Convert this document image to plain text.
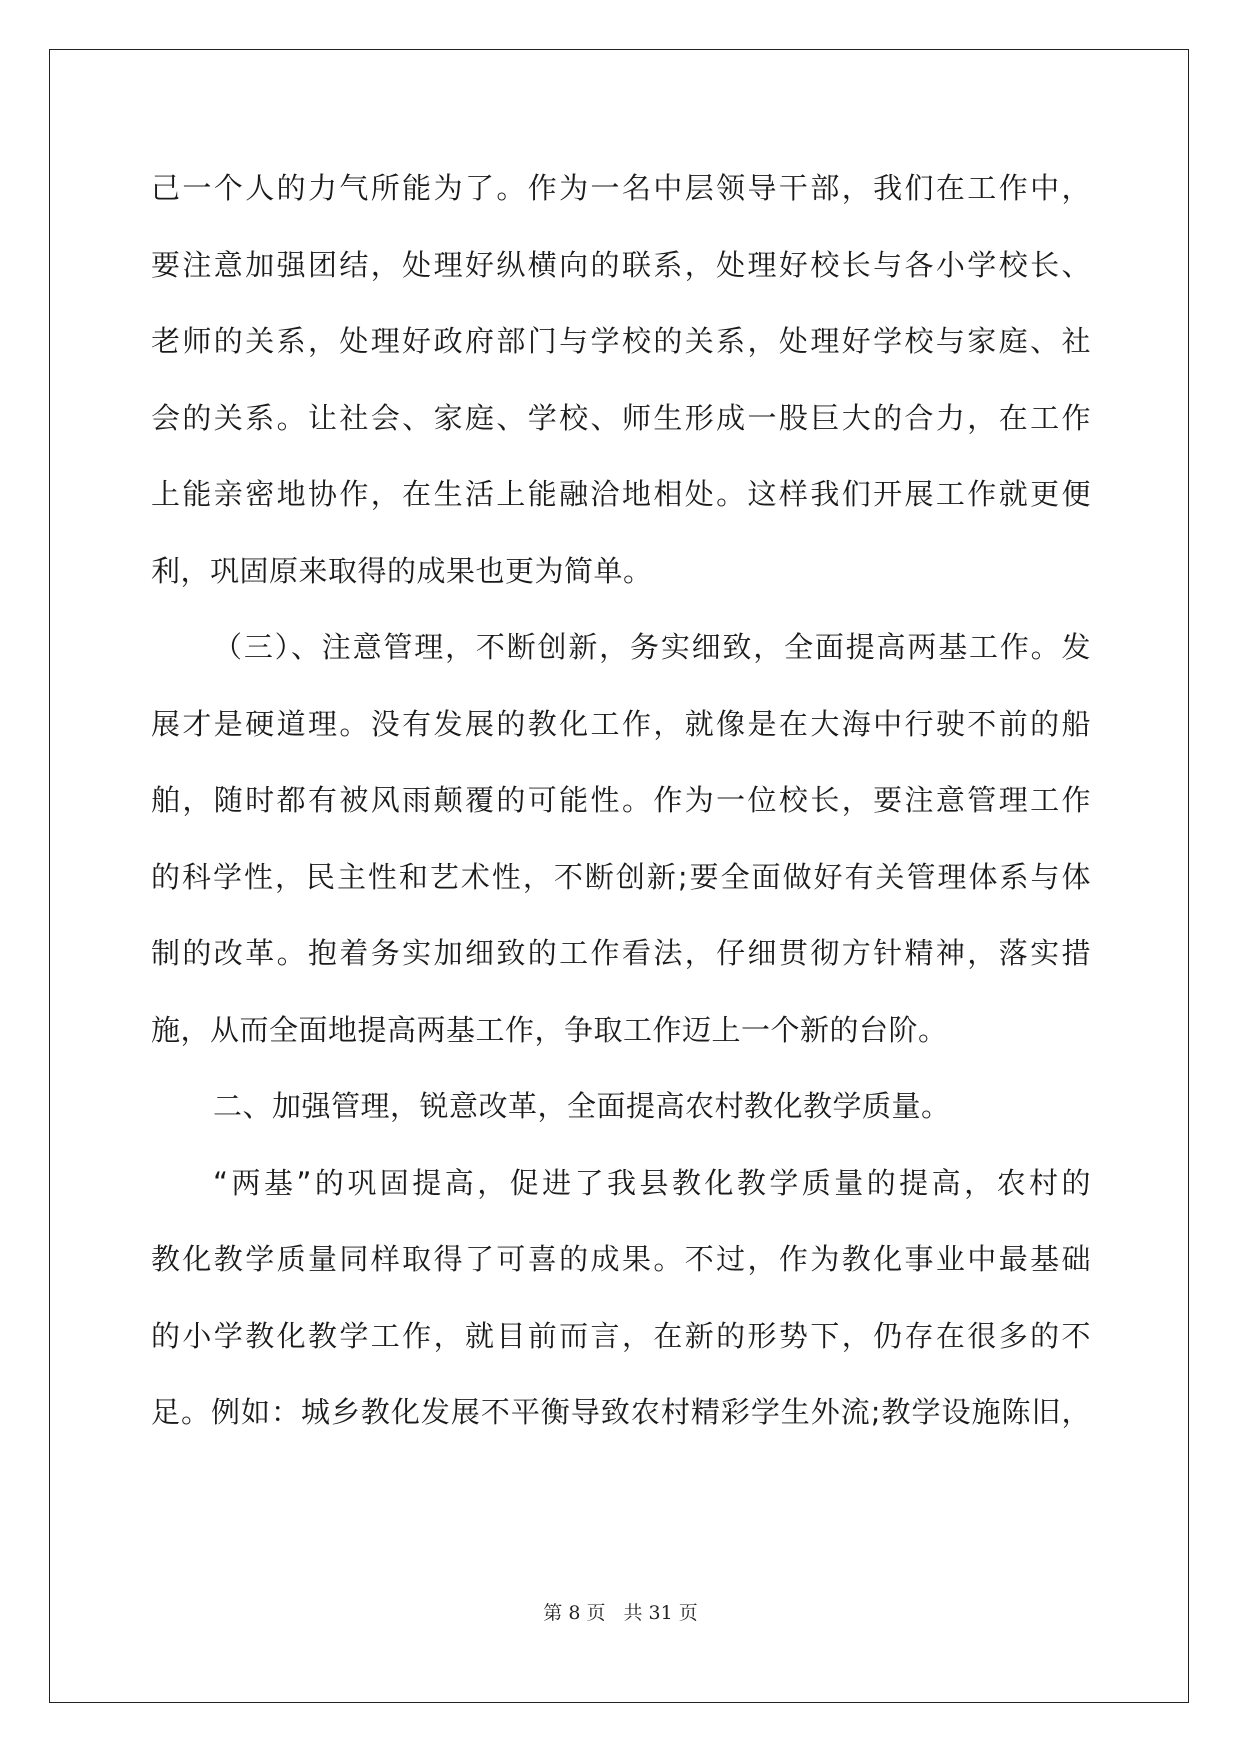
己一个人的力气所能为了。作为一名中层领导干部，我们在工作中，
要注意加强团结，处理好纵横向的联系，处理好校长与各小学校长、
老师的关系，处理好政府部门与学校的关系，处理好学校与家庭、社
会的关系。让社会、家庭、学校、师生形成一股巨大的合力，在工作
上能亲密地协作，在生活上能融洽地相处。这样我们开展工作就更便
利，巩固原来取得的成果也更为简单。
（三）、注意管理，不断创新，务实细致，全面提高两基工作。发
展才是硬道理。没有发展的教化工作，就像是在大海中行驶不前的船
舶，随时都有被风雨颠覆的可能性。作为一位校长，要注意管理工作
的科学性，民主性和艺术性，不断创新;要全面做好有关管理体系与体
制的改革。抱着务实加细致的工作看法，仔细贯彻方针精神，落实措
施，从而全面地提高两基工作，争取工作迈上一个新的台阶。
二、加强管理，锐意改革，全面提高农村教化教学质量。
“两基”的巩固提高，促进了我县教化教学质量的提高，农村的
教化教学质量同样取得了可喜的成果。不过，作为教化事业中最基础
的小学教化教学工作，就目前而言，在新的形势下，仍存在很多的不
足。例如：城乡教化发展不平衡导致农村精彩学生外流;教学设施陈旧，
第 8 页 共 31 页
